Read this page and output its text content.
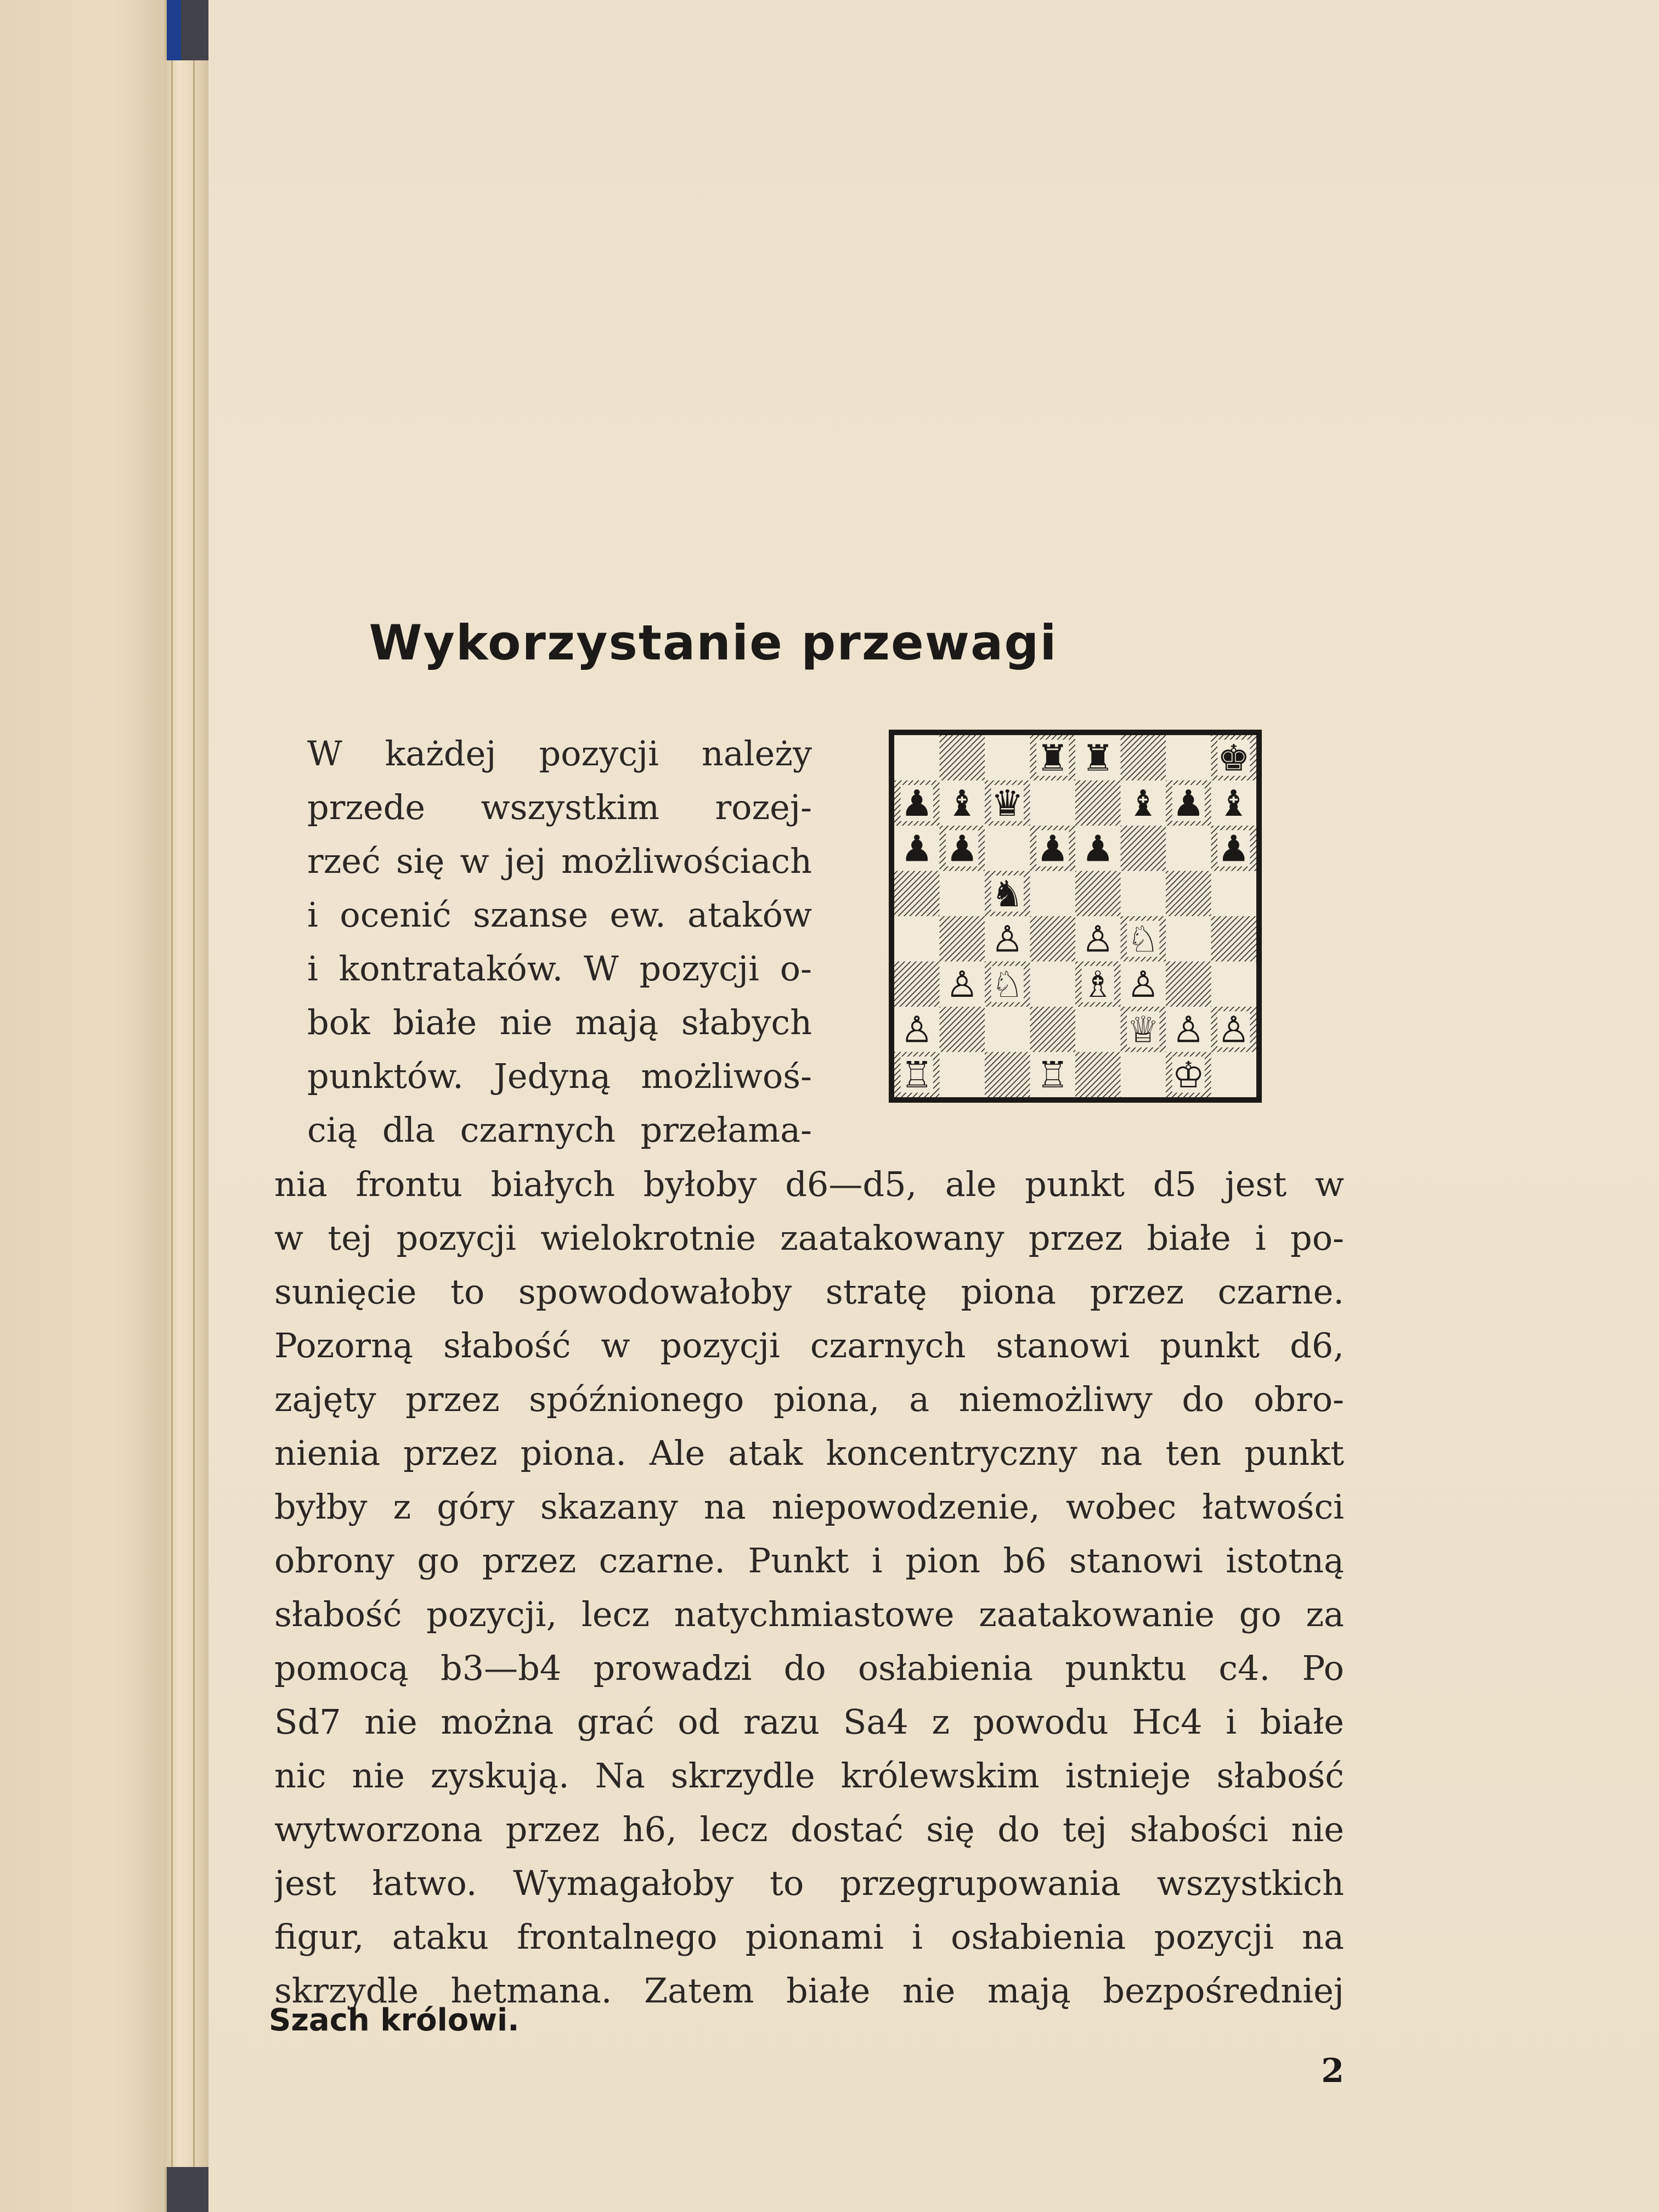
Wykorzystanie przewagi
W każdej pozycji należy
przede wszystkim rozej-
rzeć się w jej możliwościach
i ocenić szanse ew. ataków
i kontrataków. W pozycji o-
bok białe nie mają słabych
punktów. Jedyną możliwoś-
cią dla czarnych przełama-
♜ ♜ ♚
♟ ♝ ♛ ♝ ♟ ♝
♟ ♟ ♟ ♟ ♟
♞
♙ ♙ ♘
♙ ♘ ♗ ♙
♙	♕ ♙ ♙
♖ ♖ ♔
nia frontu białych byłoby d6—d5, ale punkt d5 jest w
w tej pozycji wielokrotnie zaatakowany przez białe i po-
sunięcie to spowodowałoby stratę piona przez czarne.
Pozorną słabość w pozycji czarnych stanowi punkt d6,
zajęty przez spóźnionego piona, a niemożliwy do obro-
nienia przez piona. Ale atak koncentryczny na ten punkt
byłby z góry skazany na niepowodzenie, wobec łatwości
obrony go przez czarne. Punkt i pion b6 stanowi istotną
słabość pozycji, lecz natychmiastowe zaatakowanie go za
pomocą b3—b4 prowadzi do osłabienia punktu c4. Po
Sd7 nie można grać od razu Sa4 z powodu Hc4 i białe
nic nie zyskują. Na skrzydle królewskim istnieje słabość
wytworzona przez h6, lecz dostać się do tej słabości nie
jest łatwo. Wymagałoby to przegrupowania wszystkich
figur, ataku frontalnego pionami i osłabienia pozycji na
skrzydle hetmana. Zatem białe nie mają bezpośredniej
Szach królowi.
2
